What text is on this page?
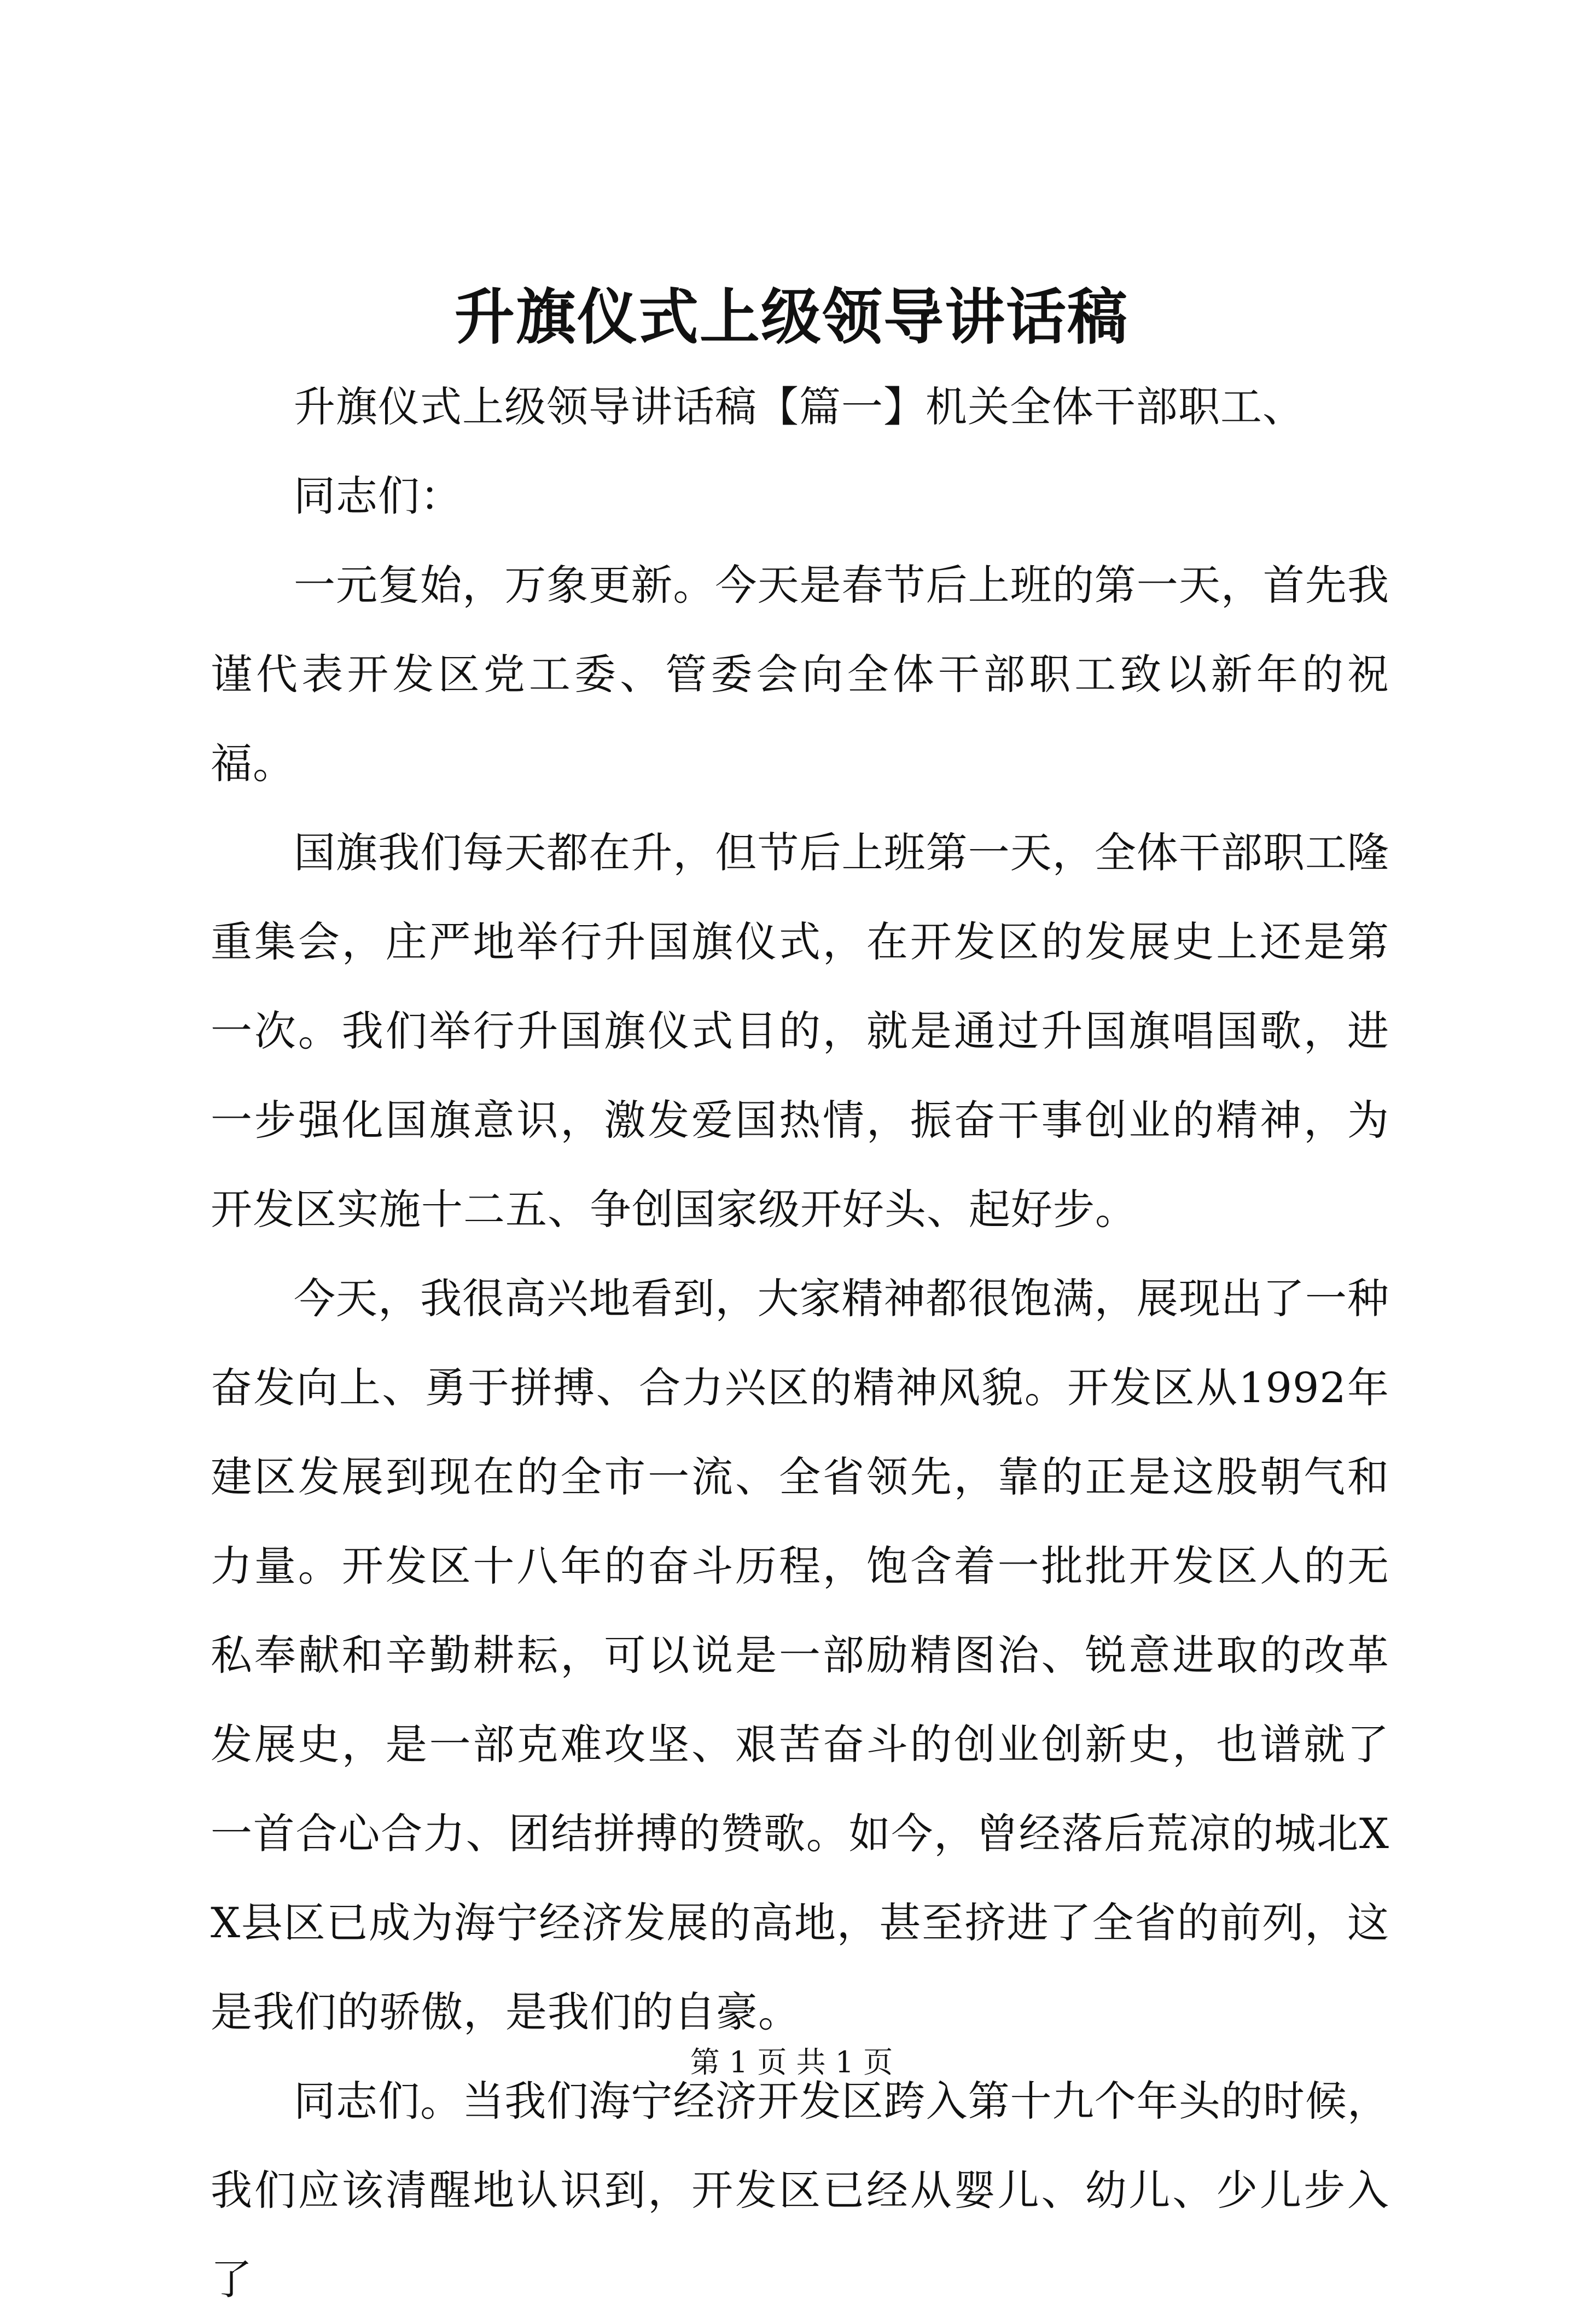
升旗仪式上级领导讲话稿

升旗仪式上级领导讲话稿【篇一】机关全体干部职工、

同志们：

一元复始，万象更新。今天是春节后上班的第一天，首先我谨代表开发区党工委、管委会向全体干部职工致以新年的祝福。

国旗我们每天都在升，但节后上班第一天，全体干部职工隆重集会，庄严地举行升国旗仪式，在开发区的发展史上还是第一次。我们举行升国旗仪式目的，就是通过升国旗唱国歌，进一步强化国旗意识，激发爱国热情，振奋干事创业的精神，为开发区实施十二五、争创国家级开好头、起好步。

今天，我很高兴地看到，大家精神都很饱满，展现出了一种奋发向上、勇于拼搏、合力兴区的精神风貌。开发区从1992年建区发展到现在的全市一流、全省领先，靠的正是这股朝气和力量。开发区十八年的奋斗历程，饱含着一批批开发区人的无私奉献和辛勤耕耘，可以说是一部励精图治、锐意进取的改革发展史，是一部克难攻坚、艰苦奋斗的创业创新史，也谱就了一首合心合力、团结拼搏的赞歌。如今，曾经落后荒凉的城北XX县区已成为海宁经济发展的高地，甚至挤进了全省的前列，这是我们的骄傲，是我们的自豪。

同志们。当我们海宁经济开发区跨入第十九个年头的时候，我们应该清醒地认识到，开发区已经从婴儿、幼儿、少儿步入了

第 1 页 共 1 页
